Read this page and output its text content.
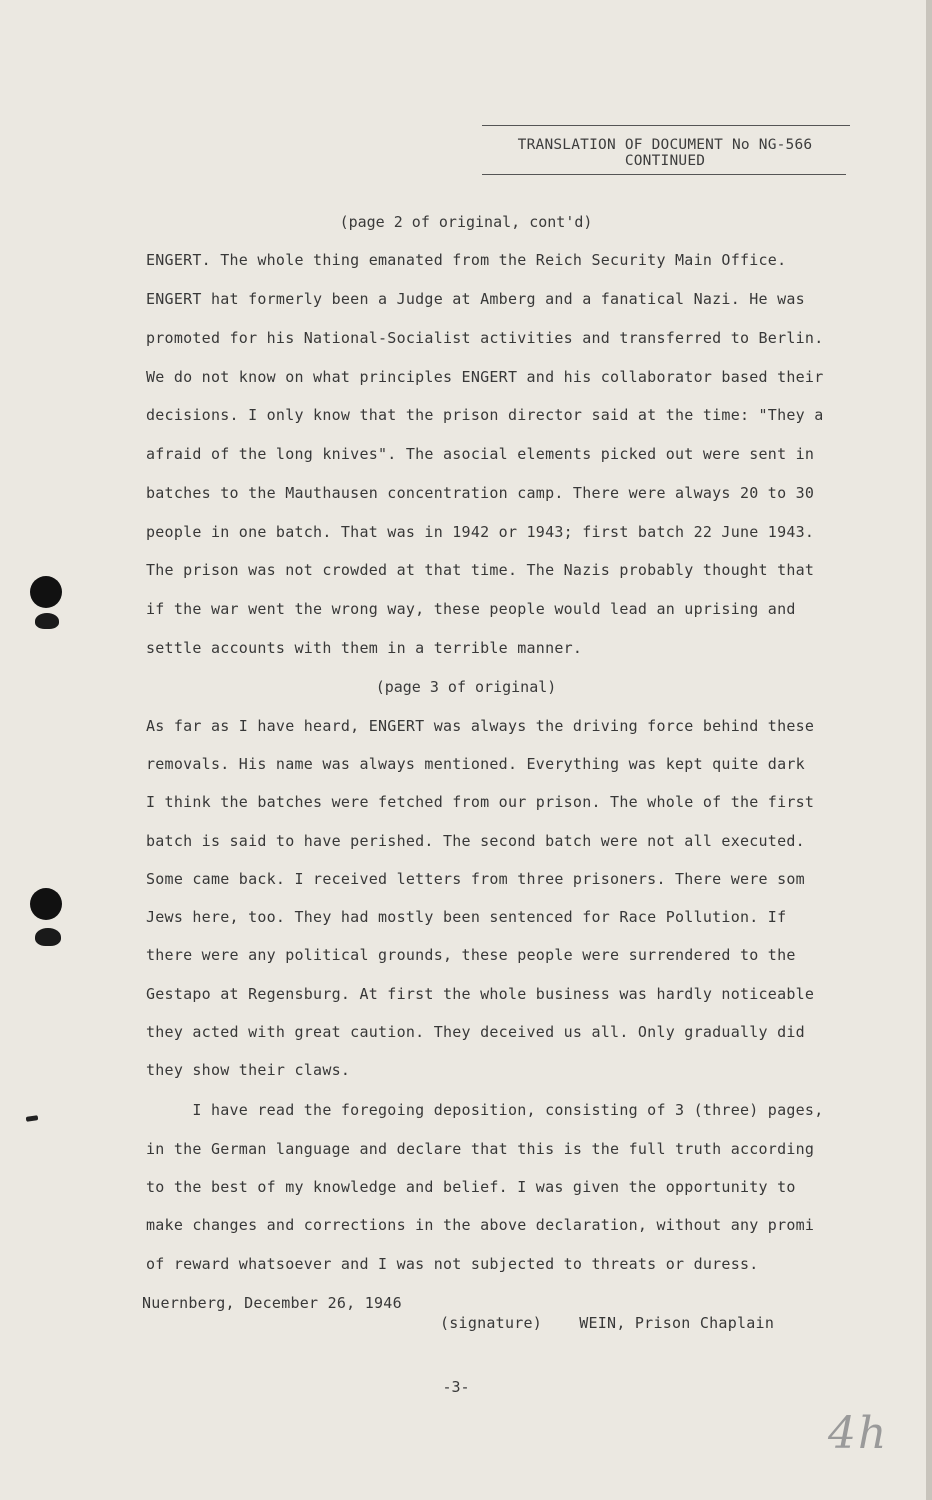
TRANSLATION OF DOCUMENT No NG-566
CONTINUED
(page 2 of original, cont'd)
ENGERT. The whole thing emanated from the Reich Security Main Office.
ENGERT hat formerly been a Judge at Amberg and a fanatical Nazi. He was
promoted for his National-Socialist activities and transferred to Berlin.
We do not know on what principles ENGERT and his collaborator based their
decisions. I only know that the prison director said at the time: "They a
afraid of the long knives". The asocial elements picked out were sent in
batches to the Mauthausen concentration camp. There were always 20 to 30
people in one batch. That was in 1942 or 1943; first batch 22 June 1943.
The prison was not crowded at that time. The Nazis probably thought that
if the war went the wrong way, these people would lead an uprising and
settle accounts with them in a terrible manner.
(page 3 of original)
As far as I have heard, ENGERT was always the driving force behind these
removals. His name was always mentioned. Everything was kept quite dark
I think the batches were fetched from our prison. The whole of the first
batch is said to have perished. The second batch were not all executed.
Some came back. I received letters from three prisoners. There were som
Jews here, too. They had mostly been sentenced for Race Pollution. If
there were any political grounds, these people were surrendered to the
Gestapo at Regensburg. At first the whole business was hardly noticeable
they acted with great caution. They deceived us all. Only gradually did
they show their claws.
I have read the foregoing deposition, consisting of 3 (three) pages,
in the German language and declare that this is the full truth according
to the best of my knowledge and belief. I was given the opportunity to
make changes and corrections in the above declaration, without any promi
of reward whatsoever and I was not subjected to threats or duress.
Nuernberg, December 26, 1946
(signature)    WEIN, Prison Chaplain
-3-
4h
